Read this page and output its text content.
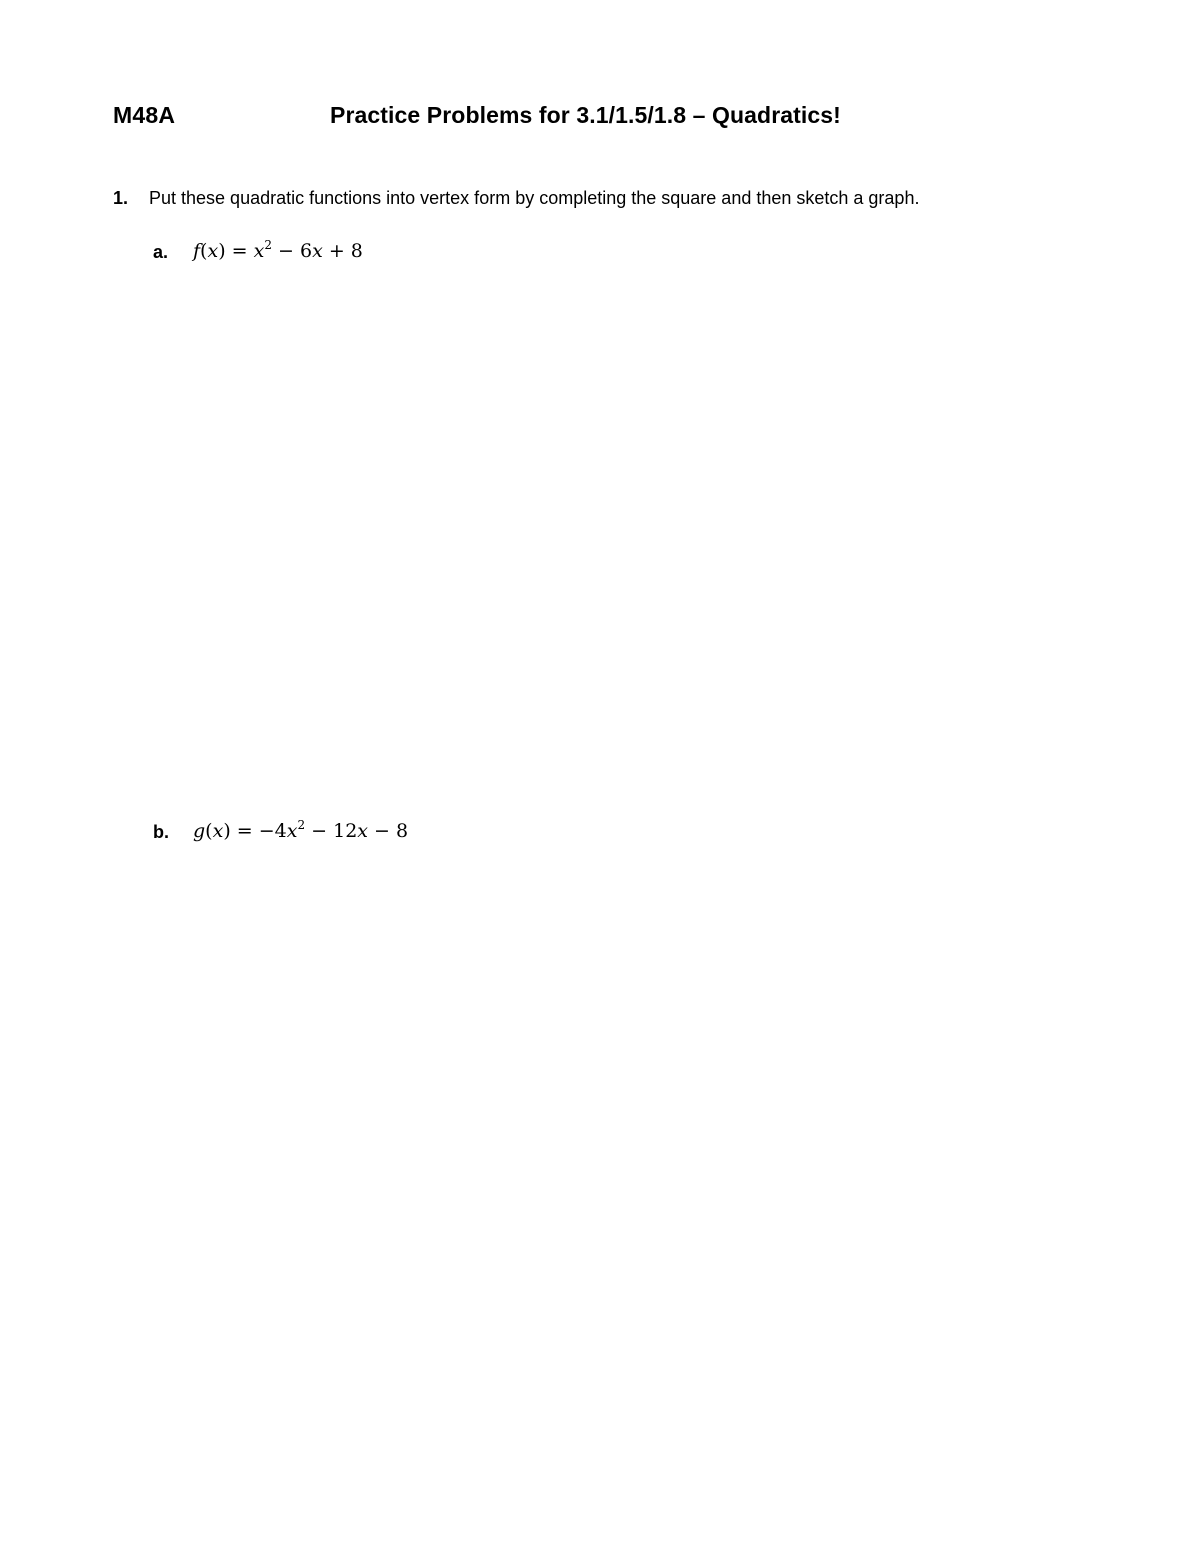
M48A	Practice Problems for 3.1/1.5/1.8 – Quadratics!
1. Put these quadratic functions into vertex form by completing the square and then sketch a graph.
a. $f(x) = x^2 - 6x + 8$
b. $g(x) = -4x^2 - 12x - 8$
